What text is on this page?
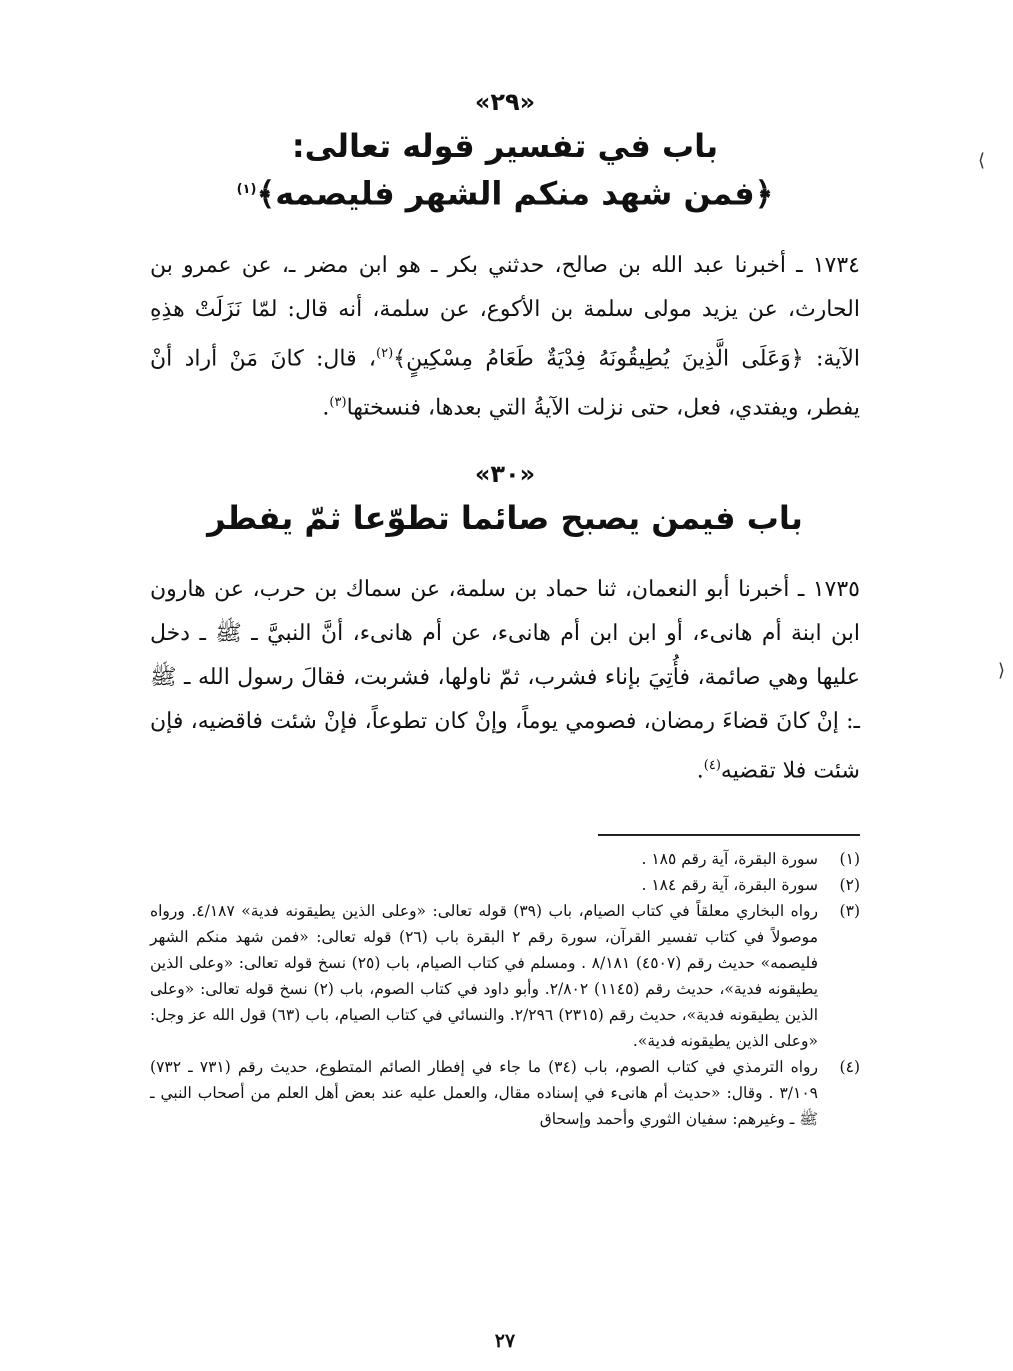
⟨
⟩
«٢٩»
باب في تفسير قوله تعالى:
﴿فمن شهد منكم الشهر فليصمه﴾$^{(١)}$

١٧٣٤ ـ أخبرنا عبد الله بن صالح، حدثني بكر ـ هو ابن مضر ـ، عن عمرو بن الحارث، عن يزيد مولى سلمة بن الأكوع، عن سلمة، أنه قال: لمّا نَزَلَتْ هذِهِ الآية: ﴿وَعَلَى الَّذِينَ يُطِيقُونَهُ فِدْيَةٌ طَعَامُ مِسْكِينٍ﴾$^{(٢)}$، قال: كانَ مَنْ أراد أنْ يفطر، ويفتدي، فعل، حتى نزلت الآيةُ التي بعدها، فنسختها$^{(٣)}$.

«٣٠»
باب فيمن يصبح صائما تطوّعا ثمّ يفطر

١٧٣٥ ـ أخبرنا أبو النعمان، ثنا حماد بن سلمة، عن سماك بن حرب، عن هارون ابن ابنة أم هانىء، أو ابن ابن أم هانىء، عن أم هانىء، أنَّ النبيَّ ـ ﷺ ـ دخل عليها وهي صائمة، فأُتِيَ بإناء فشرب، ثمّ ناولها، فشربت، فقالَ رسول الله ـ ﷺ ـ: إنْ كانَ قضاءَ رمضان، فصومي يوماً، وإنْ كان تطوعاً، فإنْ شئت فاقضيه، فإن شئت فلا تقضيه$^{(٤)}$.

(١)
سورة البقرة، آية رقم ١٨٥ .
(٢)
سورة البقرة، آية رقم ١٨٤ .
(٣)
رواه البخاري معلقاً في كتاب الصيام، باب (٣٩) قوله تعالى: «وعلى الذين يطيقونه فدية» ٤/١٨٧. ورواه موصولاً في كتاب تفسير القرآن، سورة رقم ٢ البقرة باب (٢٦) قوله تعالى: «فمن شهد منكم الشهر فليصمه» حديث رقم (٤٥٠٧) ٨/١٨١ . ومسلم في كتاب الصيام، باب (٢٥) نسخ قوله تعالى: «وعلى الذين يطيقونه فدية»، حديث رقم (١١٤٥) ٢/٨٠٢. وأبو داود في كتاب الصوم، باب (٢) نسخ قوله تعالى: «وعلى الذين يطيقونه فدية»، حديث رقم (٢٣١٥) ٢/٢٩٦. والنسائي في كتاب الصيام، باب (٦٣) قول الله عز وجل: «وعلى الذين يطيقونه فدية».
(٤)
رواه الترمذي في كتاب الصوم، باب (٣٤) ما جاء في إفطار الصائم المتطوع، حديث رقم (٧٣١ ـ ٧٣٢) ٣/١٠٩ . وقال: «حديث أم هانىء في إسناده مقال، والعمل عليه عند بعض أهل العلم من أصحاب النبي ـ ﷺ ـ وغيرهم: سفيان الثوري وأحمد وإسحاق
٢٧
